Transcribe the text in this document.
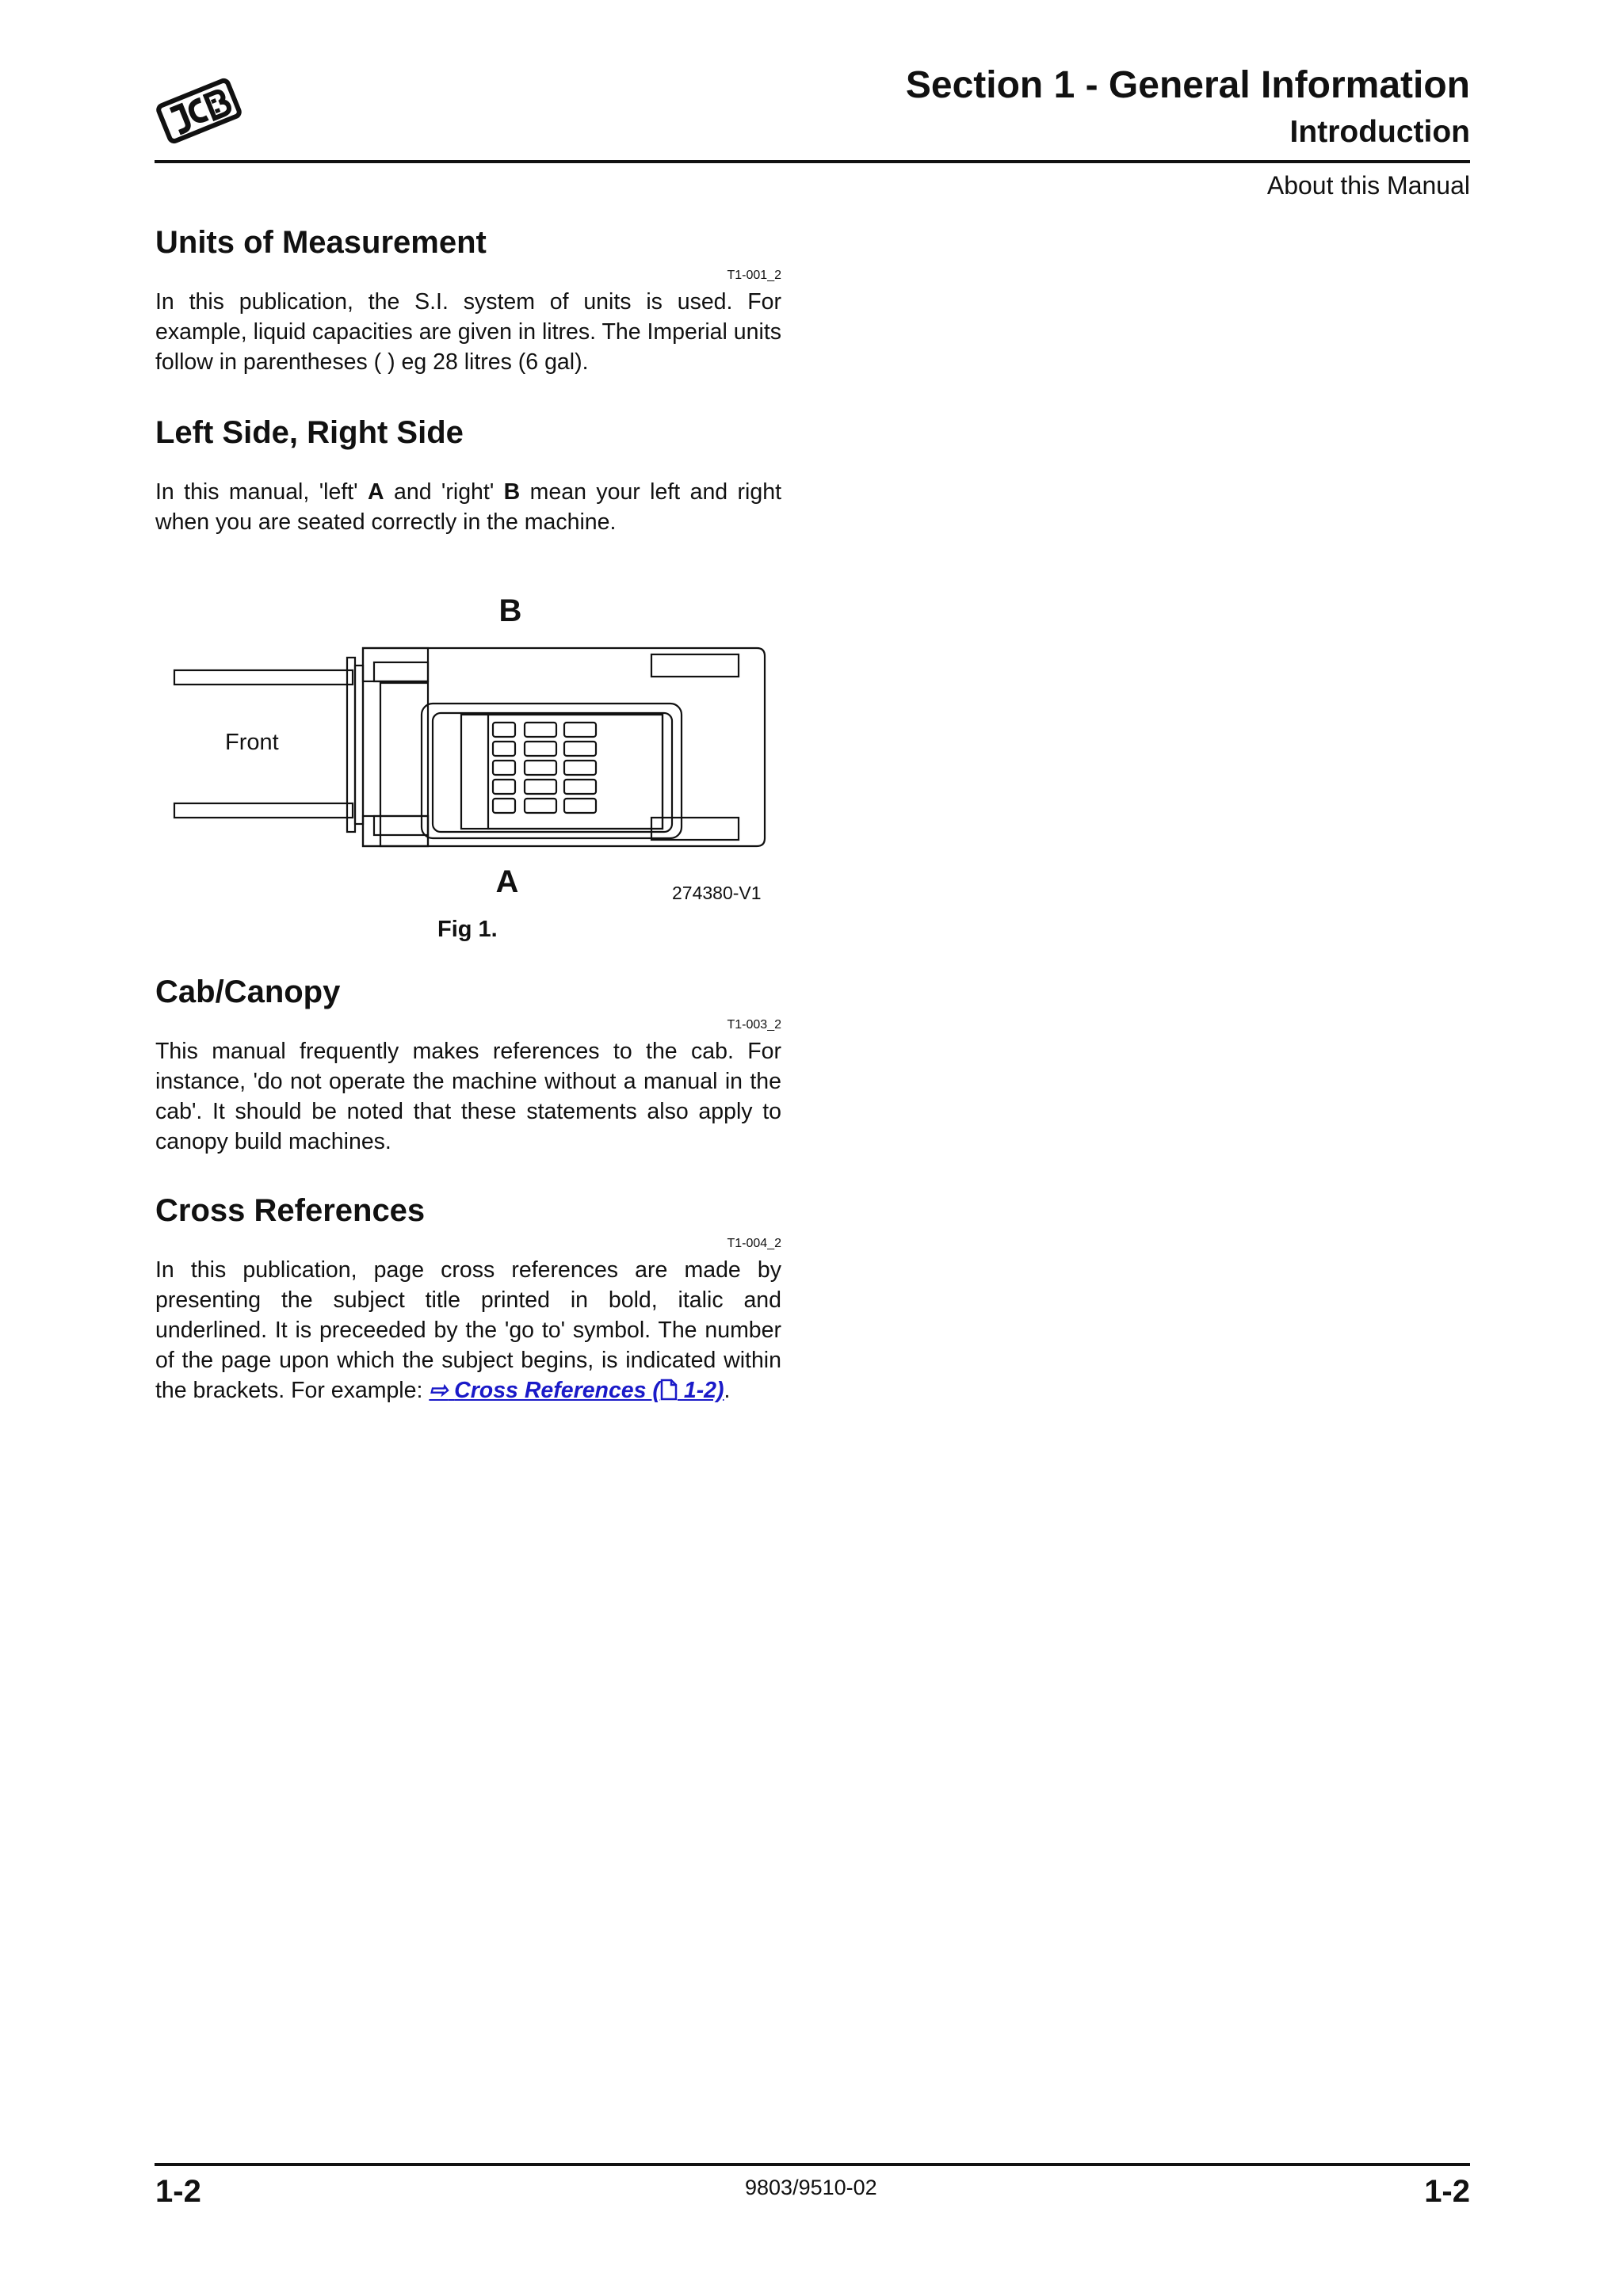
Section 1 - General Information
Introduction
About this Manual
Units of Measurement
T1-001_2

In this publication, the S.I. system of units is used. For example, liquid capacities are given in litres. The Imperial units follow in parentheses ( ) eg 28 litres (6 gal).

Left Side, Right Side

In this manual, 'left' A and 'right' B mean your left and right when you are seated correctly in the machine.

B
A
Front
274380-V1
Fig 1.
Cab/Canopy
T1-003_2

This manual frequently makes references to the cab. For instance, 'do not operate the machine without a manual in the cab'. It should be noted that these statements also apply to canopy build machines.

Cross References
T1-004_2

In this publication, page cross references are made by presenting the subject title printed in bold, italic and underlined. It is preceeded by the 'go to' symbol. The number of the page upon which the subject begins, is indicated within the brackets. For example: ⇨ Cross References ( 1-2).

1-2	9803/9510-02	1-2
